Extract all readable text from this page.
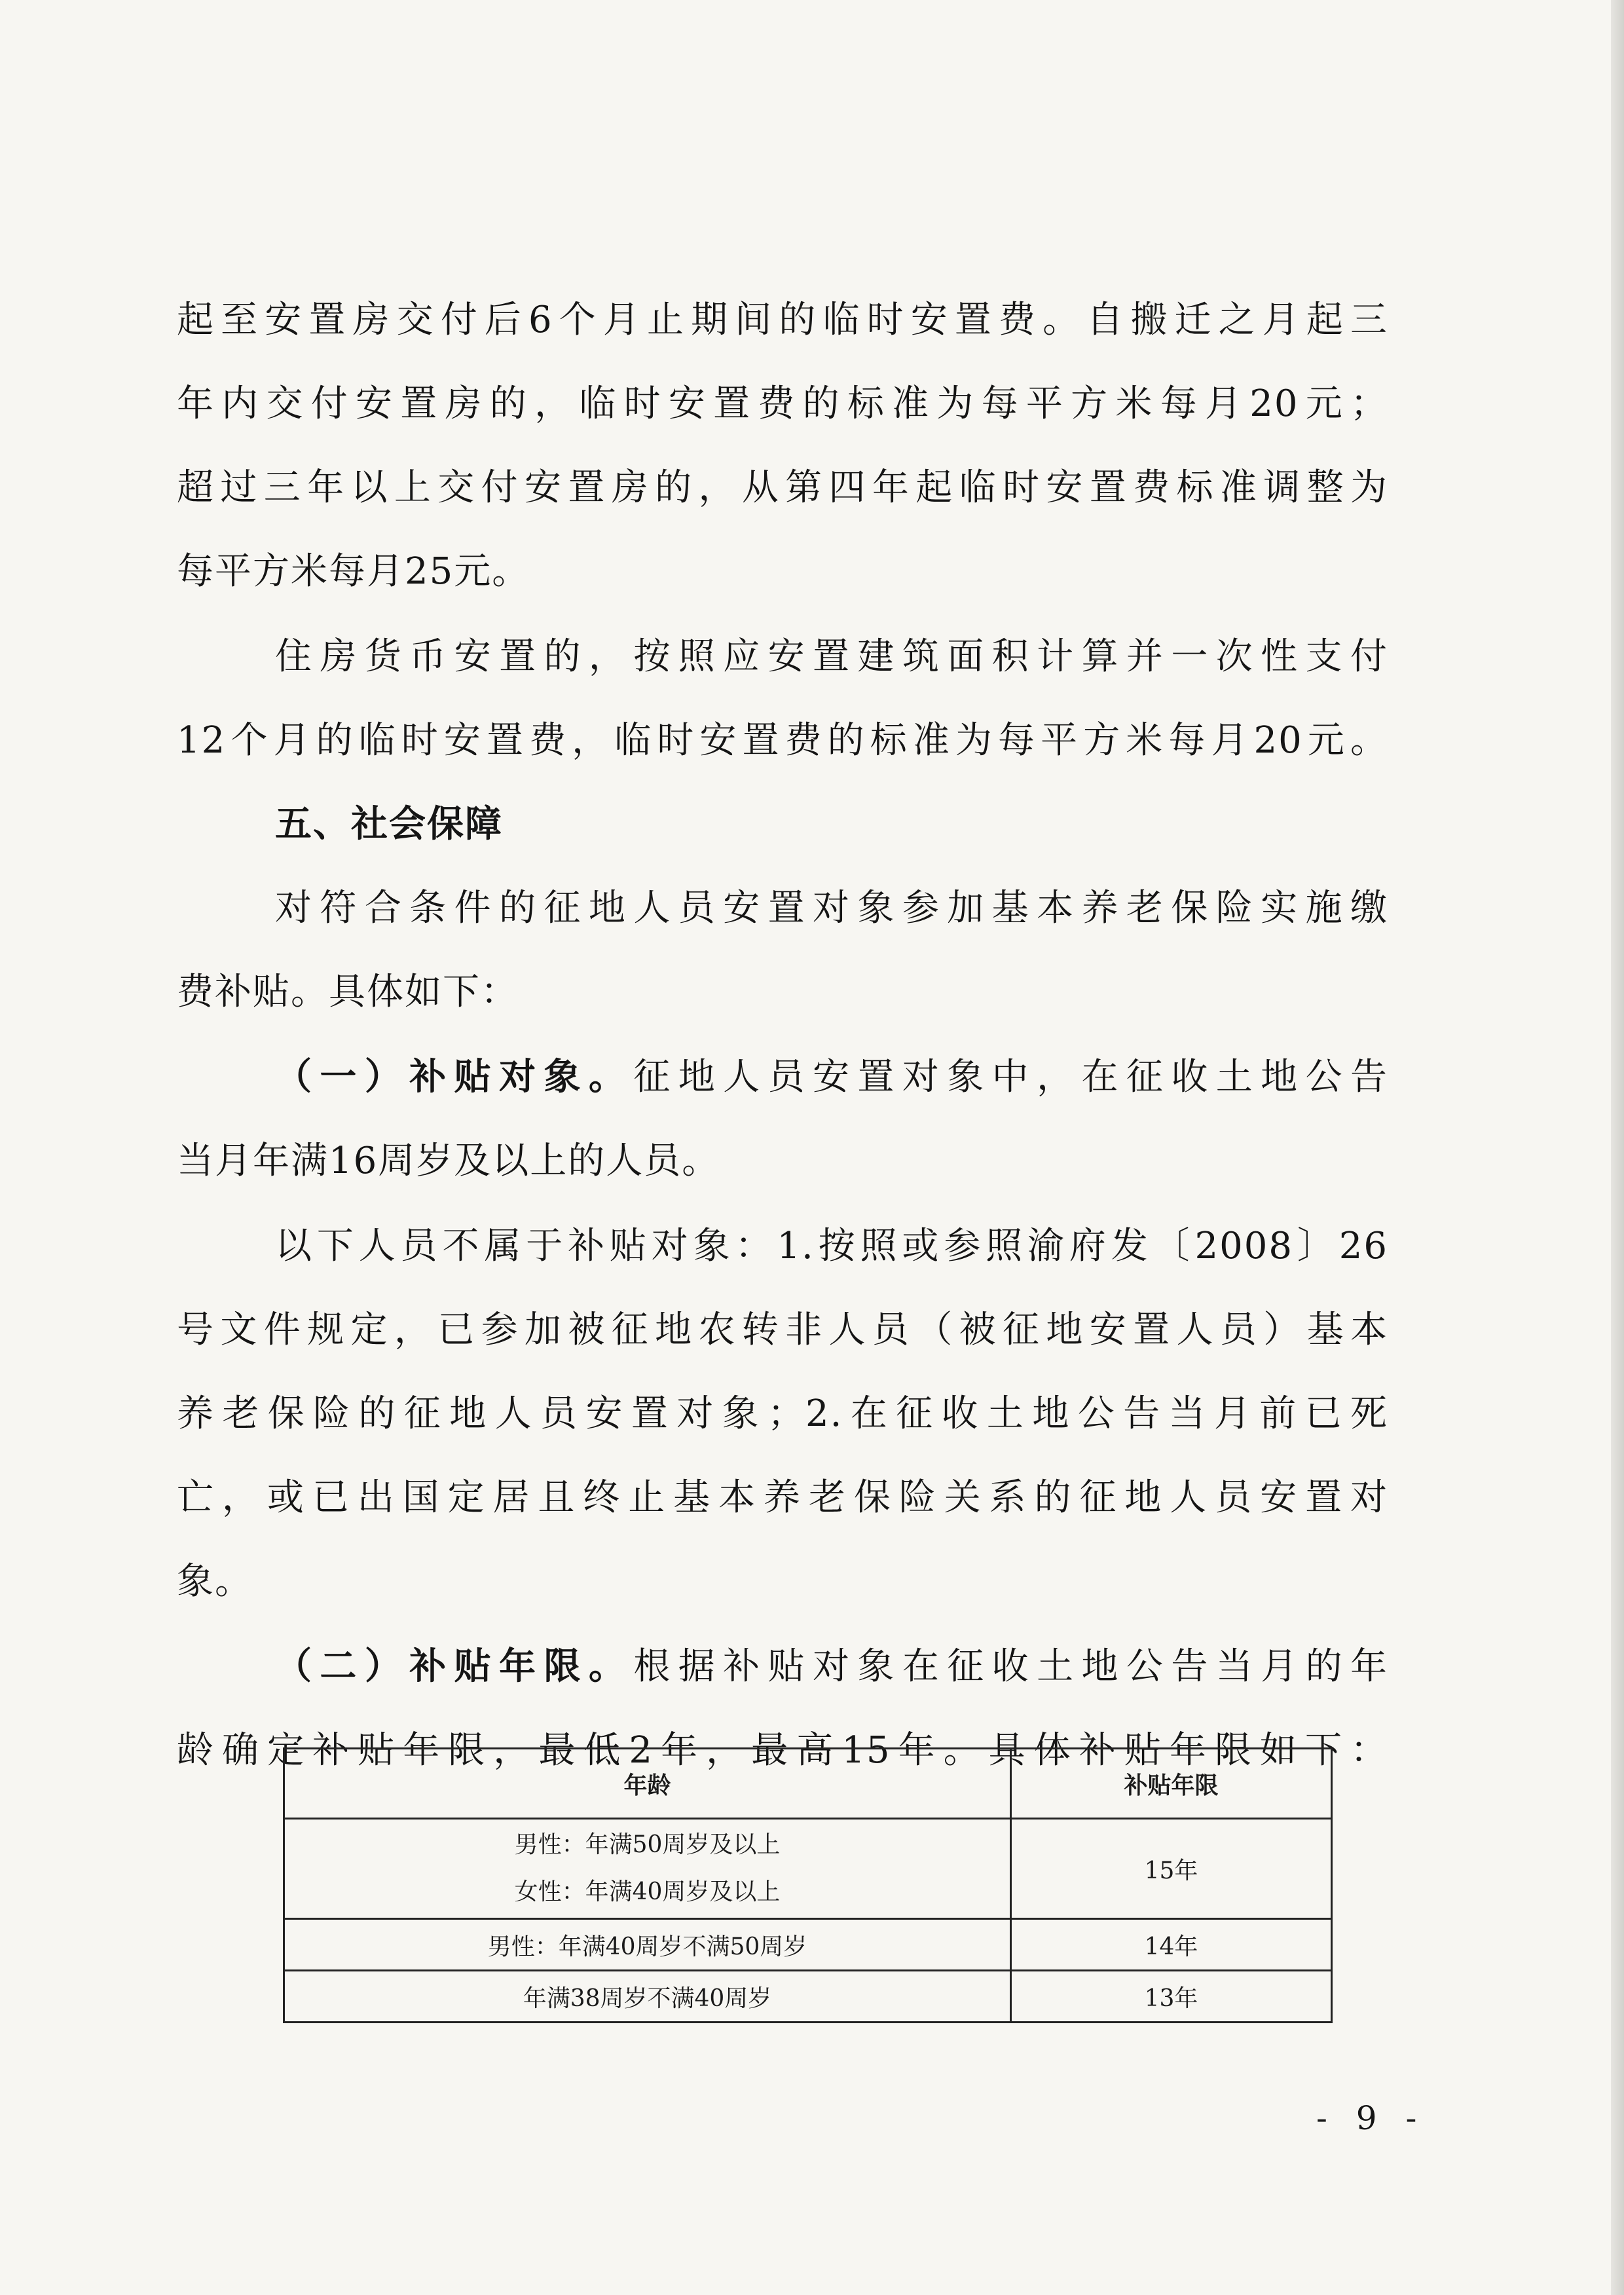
起至安置房交付后6个月止期间的临时安置费。自搬迁之月起三
年内交付安置房的，临时安置费的标准为每平方米每月20元；
超过三年以上交付安置房的，从第四年起临时安置费标准调整为
每平方米每月25元。
住房货币安置的，按照应安置建筑面积计算并一次性支付
12个月的临时安置费，临时安置费的标准为每平方米每月20元。
五、社会保障
对符合条件的征地人员安置对象参加基本养老保险实施缴
费补贴。具体如下：
（一）补贴对象。征地人员安置对象中，在征收土地公告
当月年满16周岁及以上的人员。
以下人员不属于补贴对象：1.按照或参照渝府发〔2008〕26
号文件规定，已参加被征地农转非人员（被征地安置人员）基本
养老保险的征地人员安置对象；2.在征收土地公告当月前已死
亡，或已出国定居且终止基本养老保险关系的征地人员安置对
象。
（二）补贴年限。根据补贴对象在征收土地公告当月的年
龄确定补贴年限，最低2年，最高15年。具体补贴年限如下：
年龄	补贴年限

男性：年满50周岁及以上
女性：年满40周岁及以上	15年
男性：年满40周岁不满50周岁	14年
年满38周岁不满40周岁	13年
- 9 -
